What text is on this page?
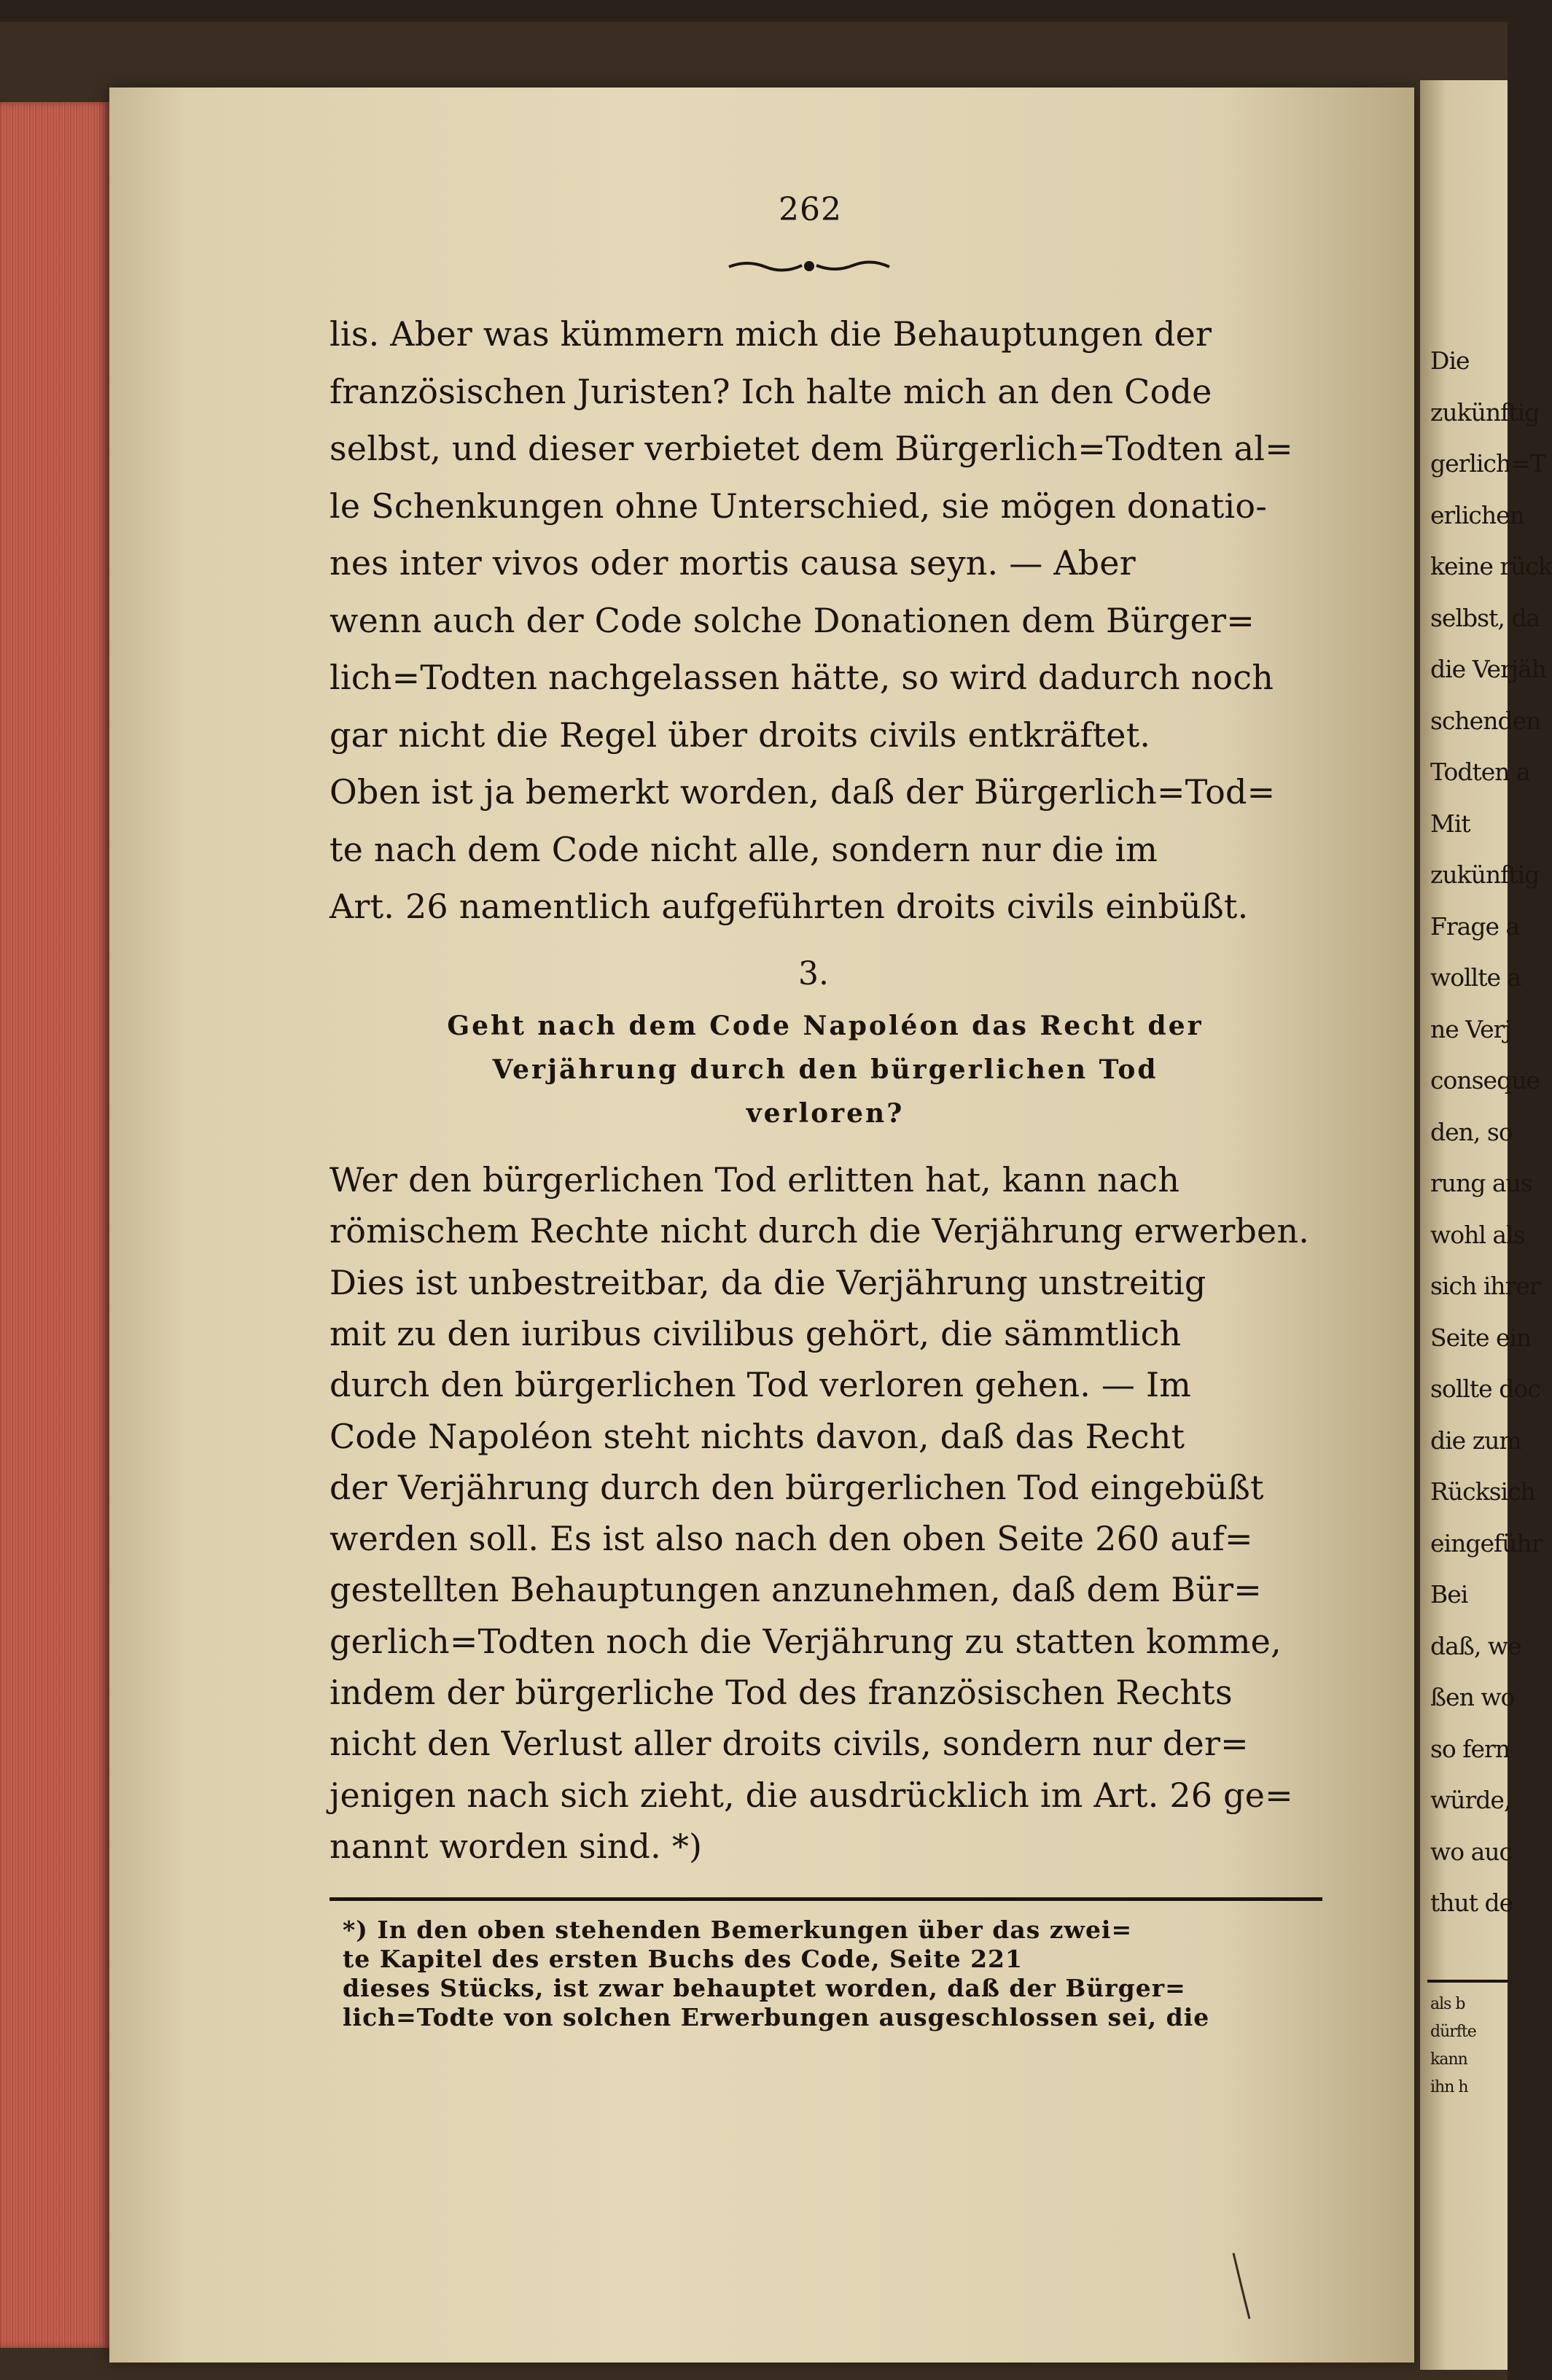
Die
zukünftig
gerlich=T
erlichen
keine rück
selbst, da
die Verjäh
schenden
Todten a
Mit
zukünftig
Frage a
wollte a
ne Verj
conseque
den, so
rung aus
wohl als
sich ihrer
Seite ein
sollte doc
die zum
Rücksich
eingeführ
Bei
daß, we
ßen wo
so fern
würde,
wo auc
thut de
als b
dürfte
kann
ihn h
262
lis. Aber was kümmern mich die Behauptungen der
französischen Juristen? Ich halte mich an den Code
selbst, und dieser verbietet dem Bürgerlich=Todten al=
le Schenkungen ohne Unterschied, sie mögen donatio-
nes inter vivos oder mortis causa seyn. — Aber
wenn auch der Code solche Donationen dem Bürger=
lich=Todten nachgelassen hätte, so wird dadurch noch
gar nicht die Regel über droits civils entkräftet.
Oben ist ja bemerkt worden, daß der Bürgerlich=Tod=
te nach dem Code nicht alle, sondern nur die im
Art. 26 namentlich aufgeführten droits civils einbüßt.
3.
Geht nach dem Code Napoléon das Recht der
Verjährung durch den bürgerlichen Tod
verloren?
Wer den bürgerlichen Tod erlitten hat, kann nach
römischem Rechte nicht durch die Verjährung erwerben.
Dies ist unbestreitbar, da die Verjährung unstreitig
mit zu den iuribus civilibus gehört, die sämmtlich
durch den bürgerlichen Tod verloren gehen. — Im
Code Napoléon steht nichts davon, daß das Recht
der Verjährung durch den bürgerlichen Tod eingebüßt
werden soll. Es ist also nach den oben Seite 260 auf=
gestellten Behauptungen anzunehmen, daß dem Bür=
gerlich=Todten noch die Verjährung zu statten komme,
indem der bürgerliche Tod des französischen Rechts
nicht den Verlust aller droits civils, sondern nur der=
jenigen nach sich zieht, die ausdrücklich im Art. 26 ge=
nannt worden sind. *)
*) In den oben stehenden Bemerkungen über das zwei=
te Kapitel des ersten Buchs des Code, Seite 221
dieses Stücks, ist zwar behauptet worden, daß der Bürger=
lich=Todte von solchen Erwerbungen ausgeschlossen sei, die
